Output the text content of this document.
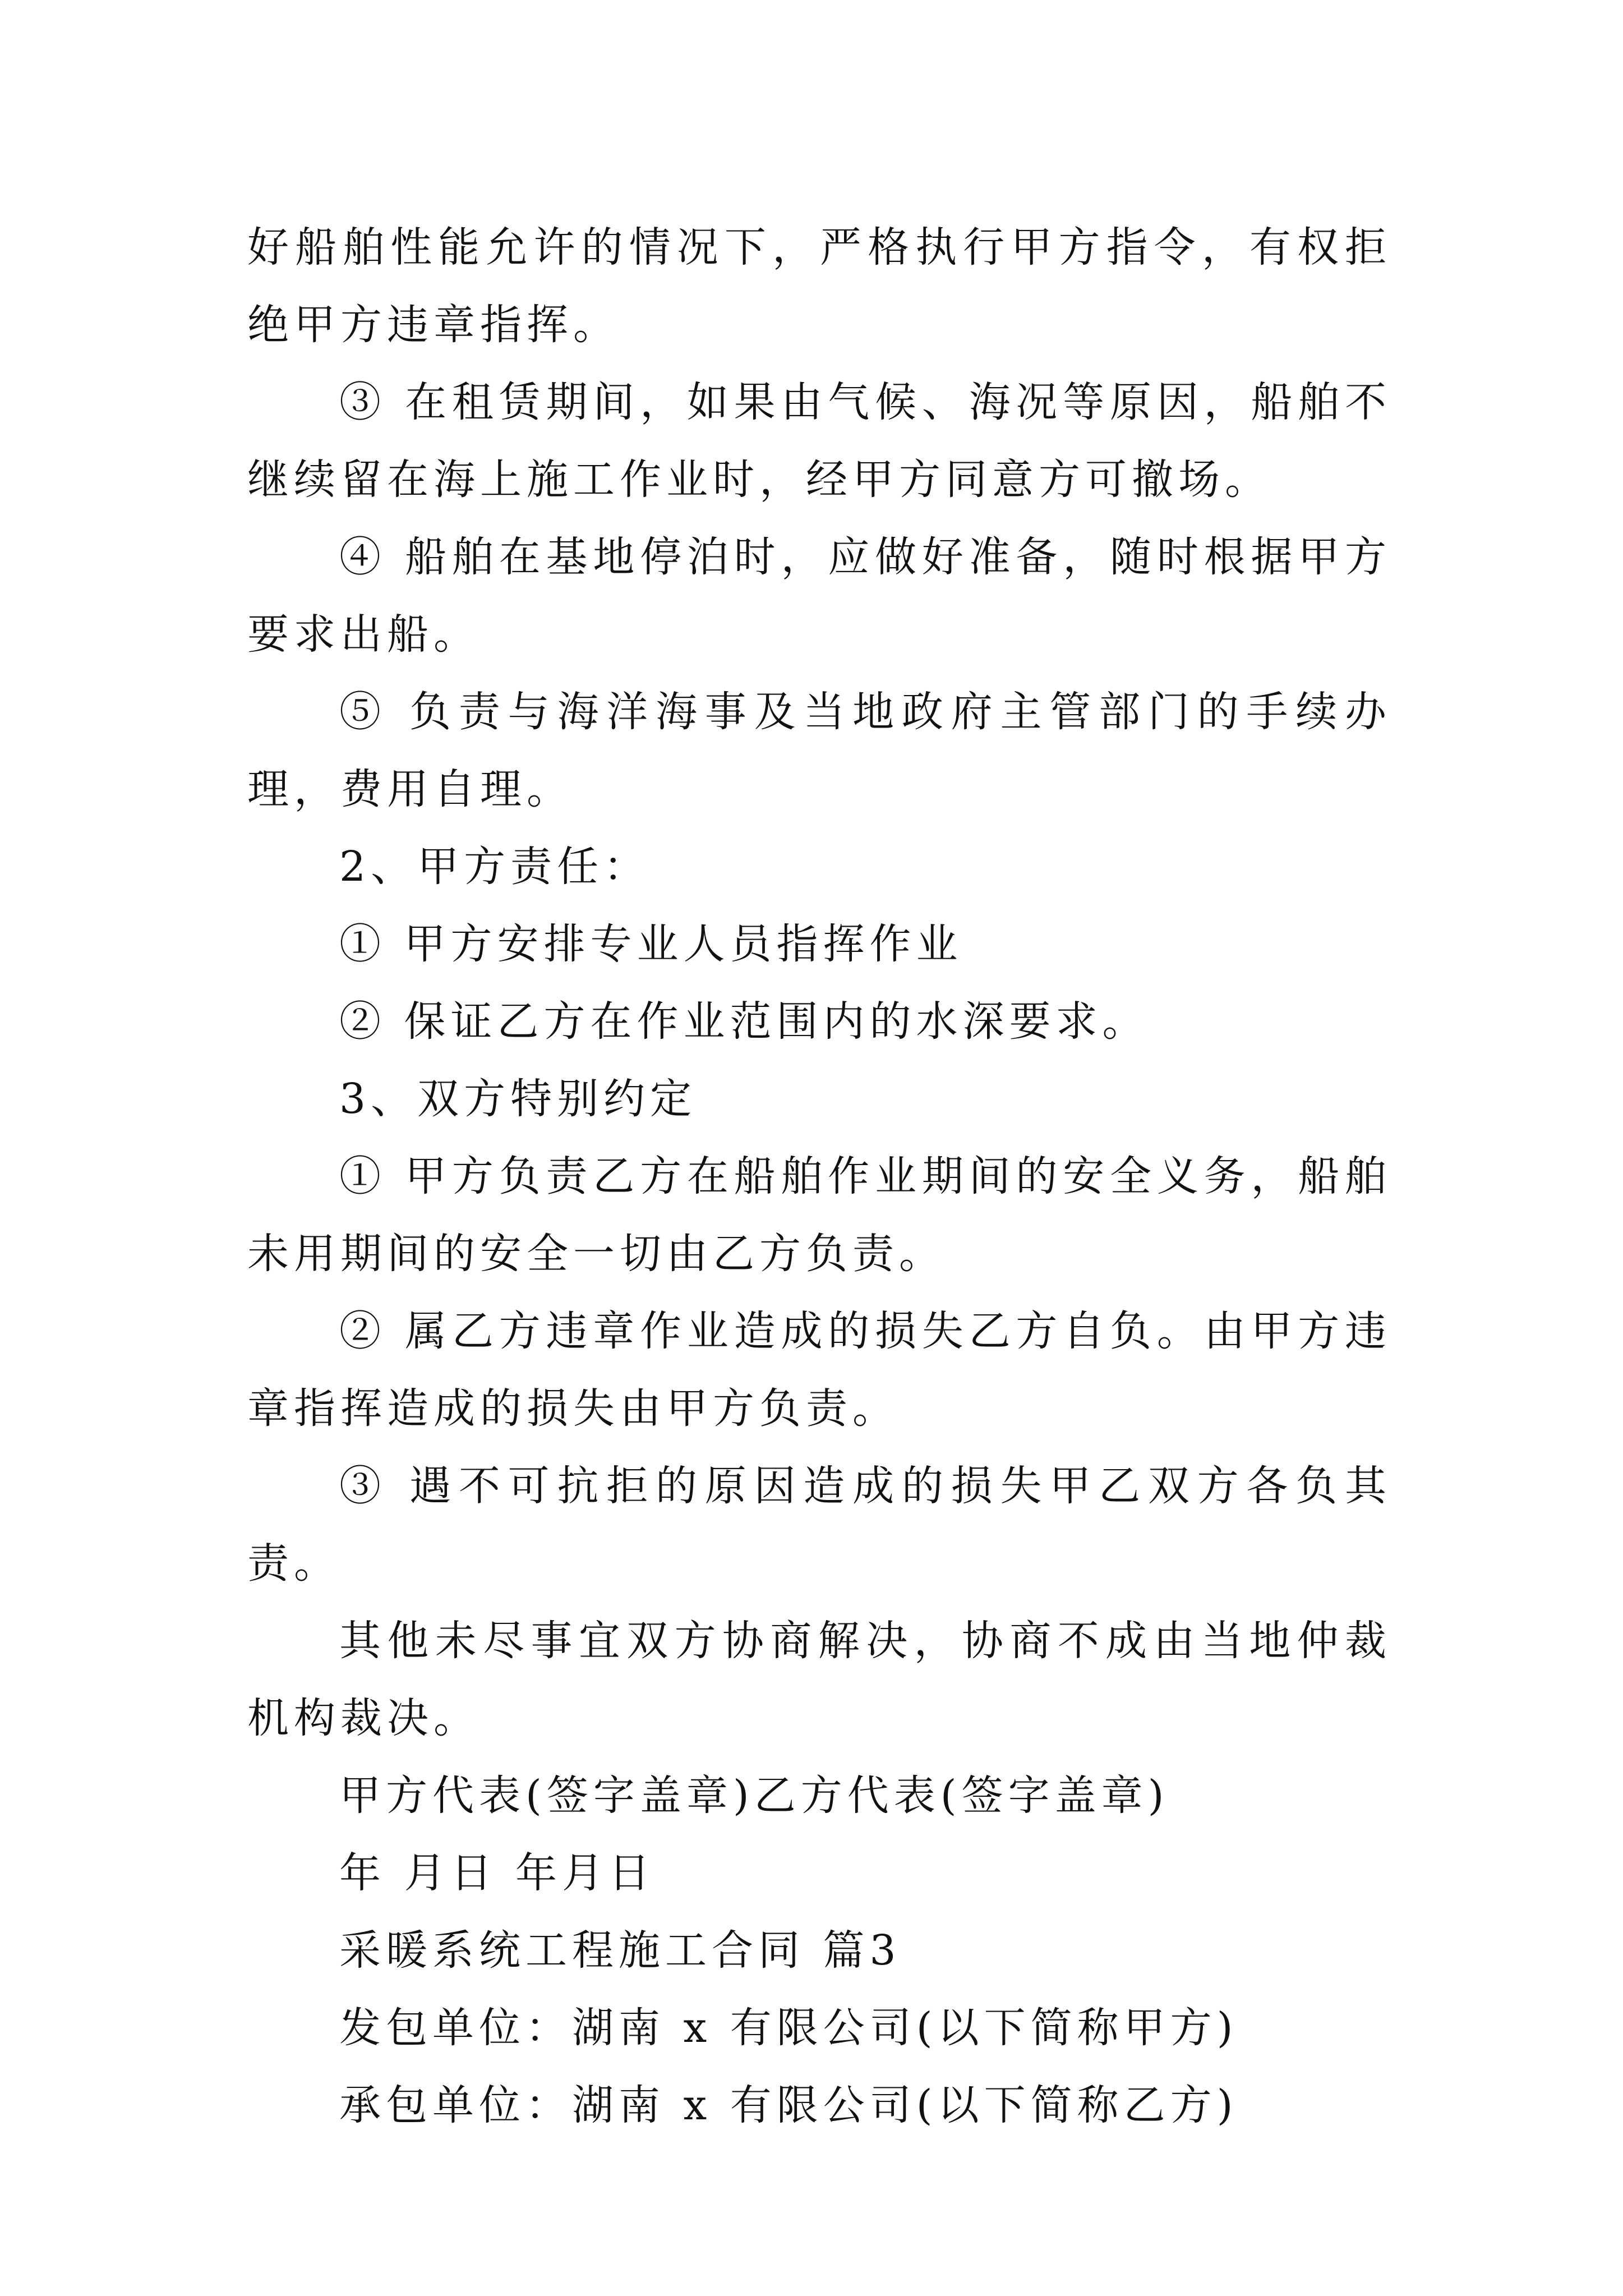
好船舶性能允许的情况下，严格执行甲方指令，有权拒绝甲方违章指挥。

③ 在租赁期间，如果由气候、海况等原因，船舶不继续留在海上施工作业时，经甲方同意方可撤场。

④ 船舶在基地停泊时，应做好准备，随时根据甲方要求出船。

⑤ 负责与海洋海事及当地政府主管部门的手续办理，费用自理。

2、甲方责任：

① 甲方安排专业人员指挥作业

② 保证乙方在作业范围内的水深要求。

3、双方特别约定

① 甲方负责乙方在船舶作业期间的安全义务，船舶未用期间的安全一切由乙方负责。

② 属乙方违章作业造成的损失乙方自负。由甲方违章指挥造成的损失由甲方负责。

③ 遇不可抗拒的原因造成的损失甲乙双方各负其责。

其他未尽事宜双方协商解决，协商不成由当地仲裁机构裁决。

甲方代表(签字盖章)乙方代表(签字盖章)

年 月日 年月日

采暖系统工程施工合同 篇3

发包单位：湖南 x 有限公司(以下简称甲方)

承包单位：湖南 x 有限公司(以下简称乙方)
